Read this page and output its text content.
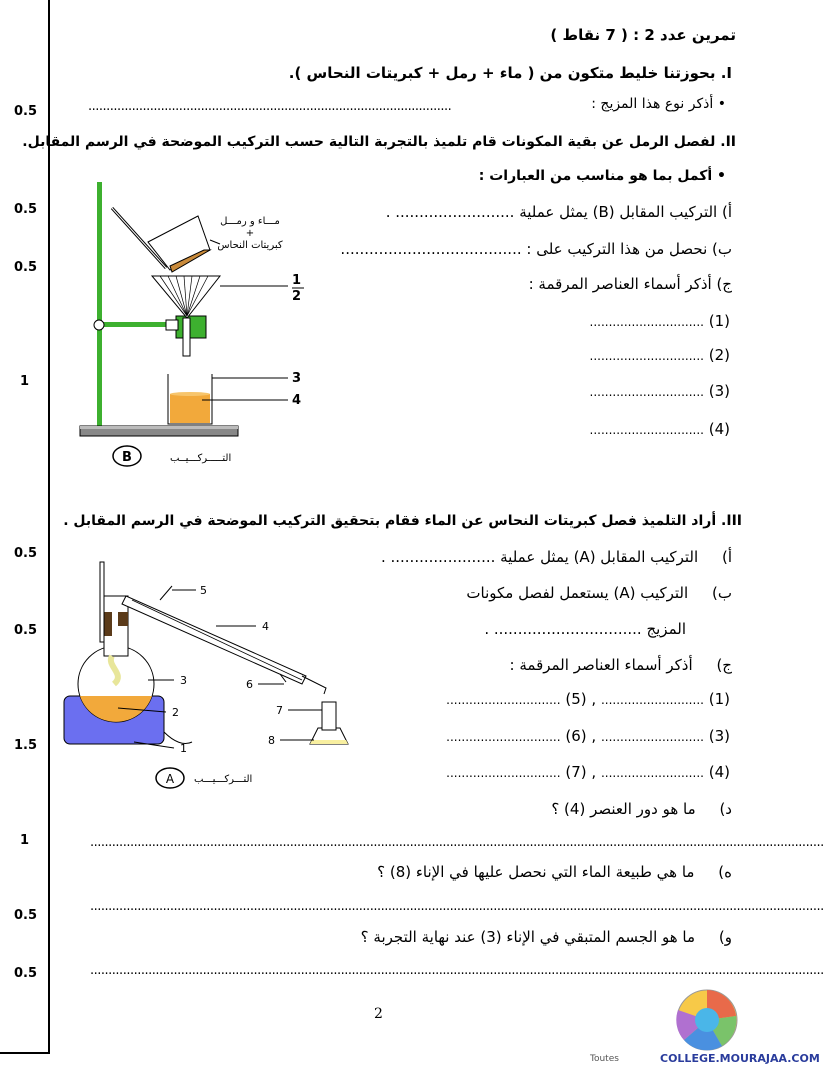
0.5
0.5
0.5
1
0.5
0.5
1.5
1
0.5
0.5
تمرين عدد 2 : ( 7 نقاط )
I. بحوزتنا خليط متكون من ( ماء + رمل + كبريتات النحاس ).
• أذكر نوع هذا المزيج :
....................................................................................................
II. لفصل الرمل عن بقية المكونات قام تلميذ بالتجربة التالية حسب التركيب الموضحة في الرسم المقابل.
• أكمل بما هو مناسب من العبارات :
أ) التركيب المقابل (B) يمثل عملية ......................... .
ب) نحصل من هذا التركيب على : ......................................
ج) أذكر أسماء العناصر المرقمة :
(1) ..............................
(2) ..............................
(3) ..............................
(4) ..............................
مـــاء و رمـــل
+
كبريتات النحاس
1
2
3
4
التـــــركـــيــب
B
III. أراد التلميذ فصل كبريتات النحاس عن الماء فقام بتحقيق التركيب الموضحة في الرسم المقابل .
أ)     التركيب المقابل (A) يمثل عملية ...................... .
ب)     التركيب (A) يستعمل لفصل مكونات
المزيج ............................... .
ج)     أذكر أسماء العناصر المرقمة :
(1) ........................... , (5) ..............................
(3) ........................... , (6) ..............................
(4) ........................... , (7) ..............................
د)     ما هو دور العنصر (4) ؟
..........................................................................................................................................................................................................
ه)     ما هي طبيعة الماء التي نحصل عليها في الإناء (8) ؟
..........................................................................................................................................................................................................
و)     ما هو الجسم المتبقي في الإناء (3) عند نهاية التجربة ؟
..........................................................................................................................................................................................................
1
2
3
4
5
6
7
8
التـــركـــيـــب
A
2
COLLEGE.MOURAJAA.COM
Toutes
